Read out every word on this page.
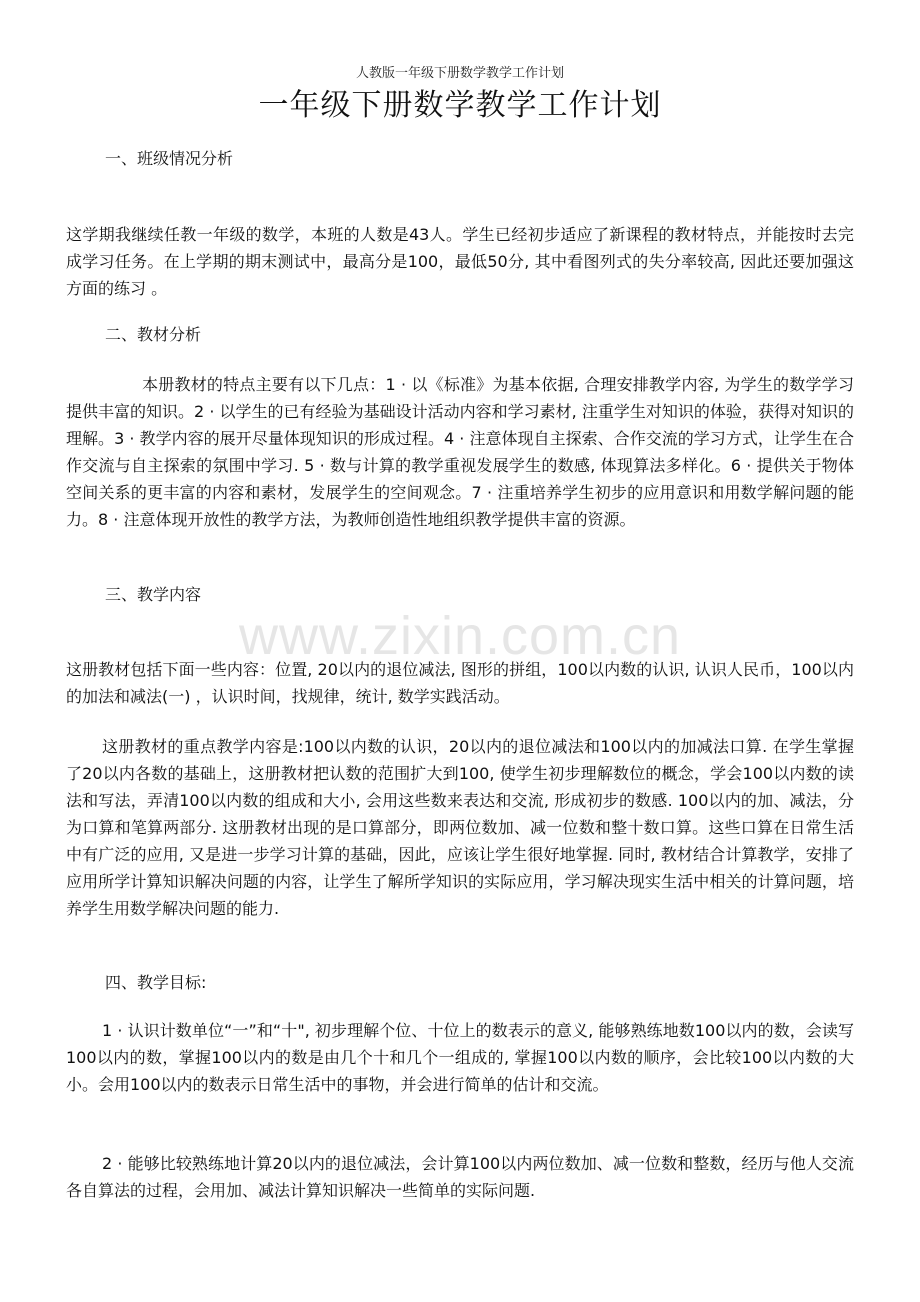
www.zixin.com.cn
人教版一年级下册数学教学工作计划
一年级下册数学教学工作计划
一、班级情况分析
这学期我继续任教一年级的数学，本班的人数是43人。学生已经初步适应了新课程的教材特点，并能按时去完成学习任务。在上学期的期末测试中，最高分是100，最低50分, 其中看图列式的失分率较高, 因此还要加强这方面的练习 。
二、教材分析
本册教材的特点主要有以下几点：1 · 以《标准》为基本依据, 合理安排教学内容, 为学生的数学学习提供丰富的知识。2 · 以学生的已有经验为基础设计活动内容和学习素材, 注重学生对知识的体验，获得对知识的理解。3 · 教学内容的展开尽量体现知识的形成过程。4 · 注意体现自主探索、合作交流的学习方式，让学生在合作交流与自主探索的氛围中学习. 5 · 数与计算的教学重视发展学生的数感, 体现算法多样化。6 · 提供关于物体空间关系的更丰富的内容和素材，发展学生的空间观念。7 · 注重培养学生初步的应用意识和用数学解问题的能力。8 · 注意体现开放性的教学方法，为教师创造性地组织教学提供丰富的资源。
三、教学内容
这册教材包括下面一些内容：位置, 20以内的退位减法, 图形的拼组，100以内数的认识, 认识人民币，100以内的加法和减法(一) ，认识时间，找规律，统计, 数学实践活动。
这册教材的重点教学内容是:100以内数的认识，20以内的退位减法和100以内的加减法口算. 在学生掌握了20以内各数的基础上，这册教材把认数的范围扩大到100, 使学生初步理解数位的概念，学会100以内数的读法和写法，弄清100以内数的组成和大小, 会用这些数来表达和交流, 形成初步的数感. 100以内的加、减法，分为口算和笔算两部分. 这册教材出现的是口算部分，即两位数加、减一位数和整十数口算。这些口算在日常生活中有广泛的应用, 又是进一步学习计算的基础，因此，应该让学生很好地掌握. 同时, 教材结合计算教学，安排了应用所学计算知识解决问题的内容，让学生了解所学知识的实际应用，学习解决现实生活中相关的计算问题，培养学生用数学解决问题的能力.
四、教学目标:
1 · 认识计数单位“一”和“十", 初步理解个位、十位上的数表示的意义, 能够熟练地数100以内的数，会读写100以内的数，掌握100以内的数是由几个十和几个一组成的, 掌握100以内数的顺序，会比较100以内数的大小。会用100以内的数表示日常生活中的事物，并会进行简单的估计和交流。
2 · 能够比较熟练地计算20以内的退位减法，会计算100以内两位数加、减一位数和整数，经历与他人交流各自算法的过程，会用加、减法计算知识解决一些简单的实际问题.
